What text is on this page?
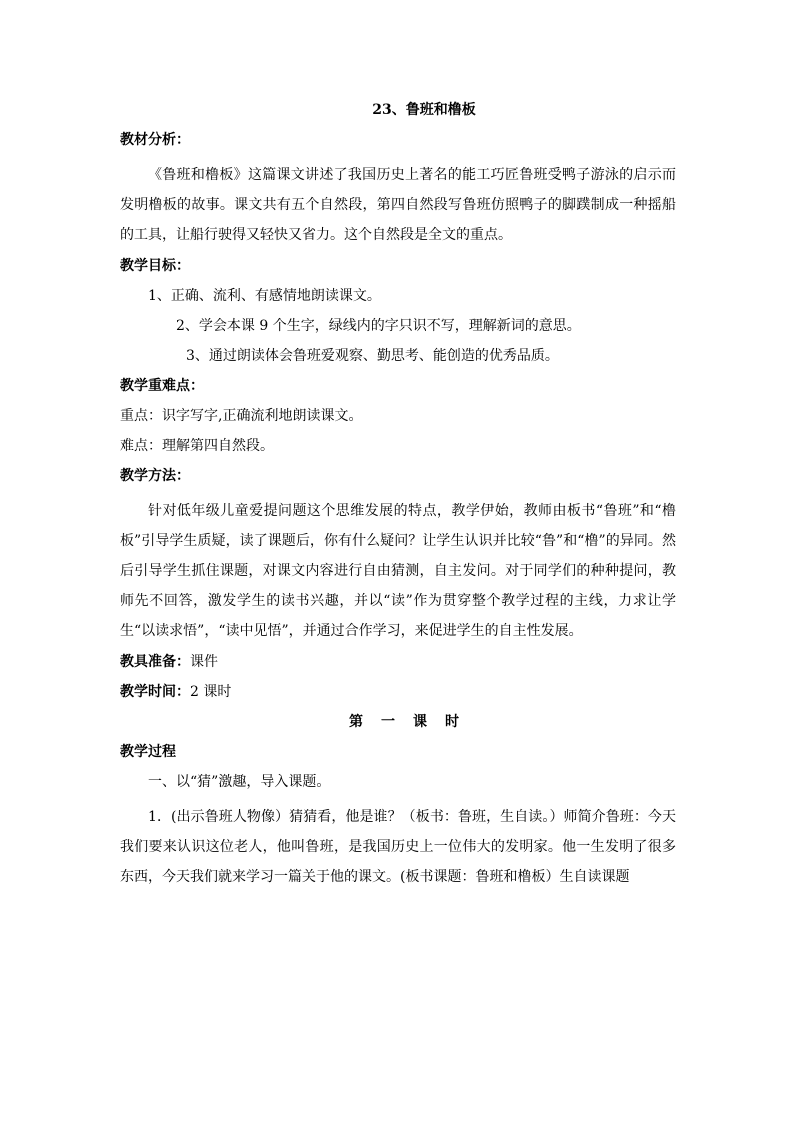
23、鲁班和橹板
教材分析：
《鲁班和橹板》这篇课文讲述了我国历史上著名的能工巧匠鲁班受鸭子游泳的启示而发明橹板的故事。课文共有五个自然段，第四自然段写鲁班仿照鸭子的脚蹼制成一种摇船的工具，让船行驶得又轻快又省力。这个自然段是全文的重点。
教学目标：
1、正确、流利、有感情地朗读课文。
2、学会本课 9 个生字，绿线内的字只识不写，理解新词的意思。
3、通过朗读体会鲁班爱观察、勤思考、能创造的优秀品质。
教学重难点：
重点：识字写字,正确流利地朗读课文。
难点：理解第四自然段。
教学方法：
针对低年级儿童爱提问题这个思维发展的特点，教学伊始，教师由板书“鲁班”和“橹板”引导学生质疑，读了课题后，你有什么疑问？让学生认识并比较“鲁”和“橹”的异同。然后引导学生抓住课题，对课文内容进行自由猜测，自主发问。对于同学们的种种提问，教师先不回答，激发学生的读书兴趣，并以“读”作为贯穿整个教学过程的主线，力求让学生“以读求悟”，“读中见悟”，并通过合作学习，来促进学生的自主性发展。
教具准备：课件
教学时间：2 课时
第一课时
教学过程
一、以“猜”激趣，导入课题。
1．(出示鲁班人物像）猜猜看，他是谁？（板书：鲁班，生自读。）师简介鲁班：今天我们要来认识这位老人，他叫鲁班，是我国历史上一位伟大的发明家。他一生发明了很多东西，今天我们就来学习一篇关于他的课文。(板书课题：鲁班和橹板）生自读课题
